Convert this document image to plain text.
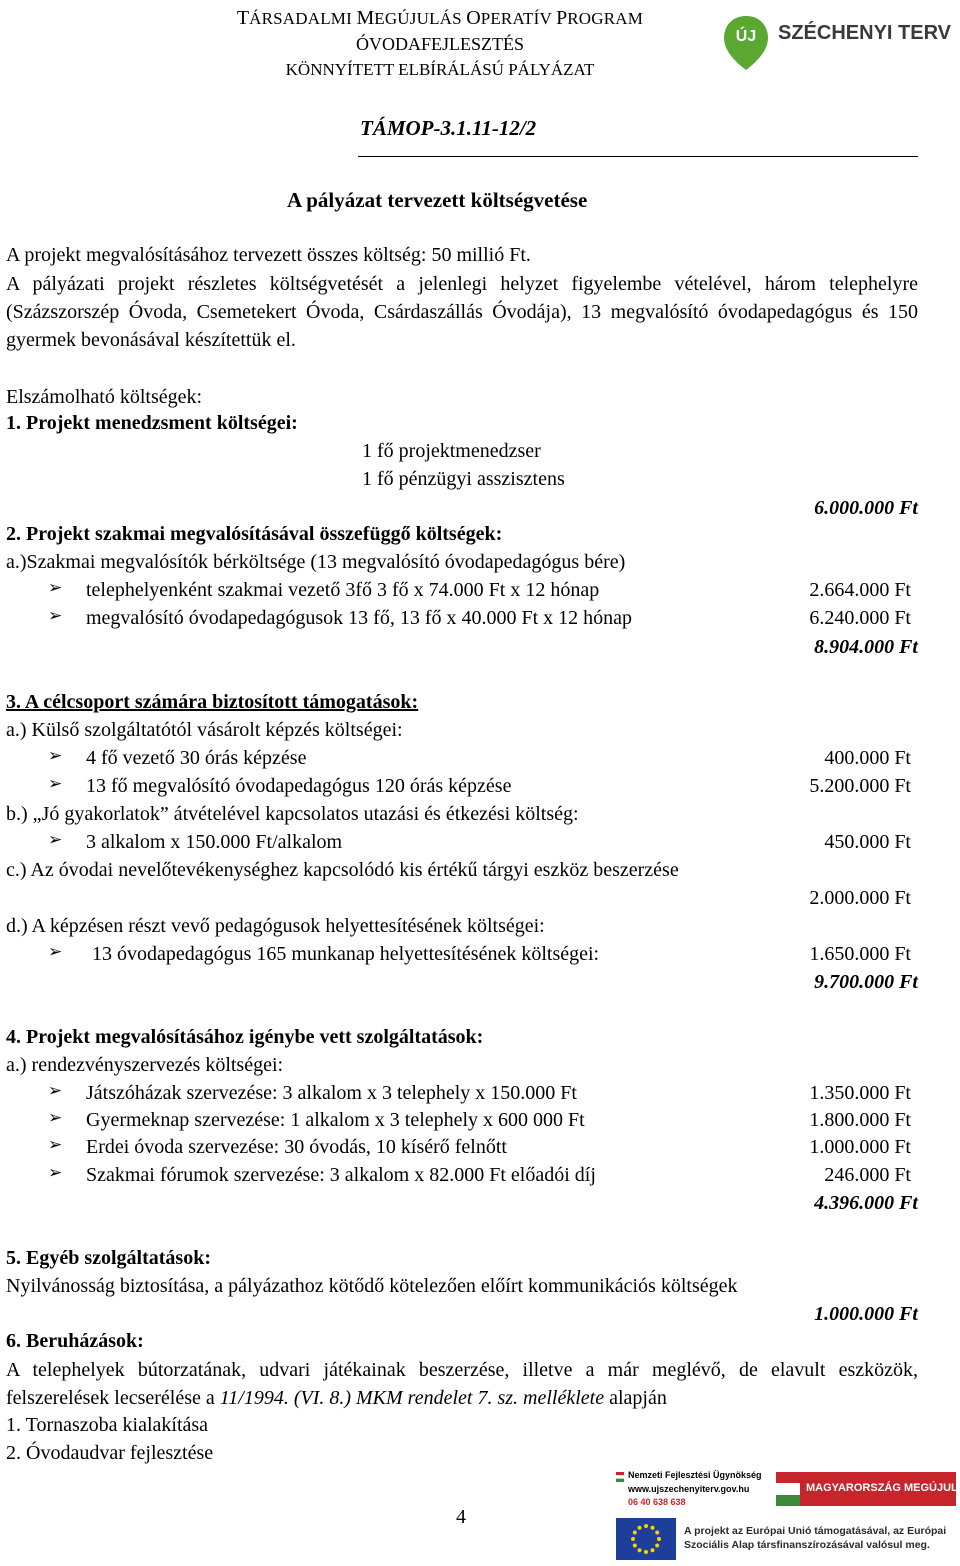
TÁRSADALMI MEGÚJULÁS OPERATÍV PROGRAM
ÓVODAFEJLESZTÉS
KÖNNYÍTETT ELBÍRÁLÁSÚ PÁLYÁZAT
TÁMOP-3.1.11-12/2
ÚJ SZÉCHENYI TERV
A pályázat tervezett költségvetése
A projekt megvalósításához tervezett összes költség: 50 millió Ft.
A pályázati projekt részletes költségvetését a jelenlegi helyzet figyelembe vételével, három telephelyre (Százszorszép Óvoda, Csemetekert Óvoda, Csárdaszállás Óvodája), 13 megvalósító óvodapedagógus és 150 gyermek bevonásával készítettük el.
Elszámolható költségek:
1. Projekt menedzsment költségei:
1 fő projektmenedzser
1 fő pénzügyi asszisztens
6.000.000 Ft
2. Projekt szakmai megvalósításával összefüggő költségek:
a.)Szakmai megvalósítók bérköltsége (13 megvalósító óvodapedagógus bére)
➢ telephelyenként szakmai vezető 3fő 3 fő x 74.000 Ft x 12 hónap	2.664.000 Ft
➢ megvalósító óvodapedagógusok 13 fő, 13 fő x 40.000 Ft x 12 hónap	6.240.000 Ft
8.904.000 Ft
3. A célcsoport számára biztosított támogatások:
a.) Külső szolgáltatótól vásárolt képzés költségei:
➢ 4 fő vezető 30 órás képzése	400.000 Ft
➢ 13 fő megvalósító óvodapedagógus 120 órás képzése	5.200.000 Ft
b.) „Jó gyakorlatok” átvételével kapcsolatos utazási és étkezési költség:
➢ 3 alkalom x 150.000 Ft/alkalom	450.000 Ft
c.) Az óvodai nevelőtevékenységhez kapcsolódó kis értékű tárgyi eszköz beszerzése
2.000.000 Ft
d.) A képzésen részt vevő pedagógusok helyettesítésének költségei:
➢ 13 óvodapedagógus 165 munkanap helyettesítésének költségei:	1.650.000 Ft
9.700.000 Ft
4. Projekt megvalósításához igénybe vett szolgáltatások:
a.) rendezvényszervezés költségei:
➢ Játszóházak szervezése: 3 alkalom x 3 telephely x 150.000 Ft	1.350.000 Ft
➢ Gyermeknap szervezése: 1 alkalom x 3 telephely x 600 000 Ft	1.800.000 Ft
➢ Erdei óvoda szervezése: 30 óvodás, 10 kísérő felnőtt	1.000.000 Ft
➢ Szakmai fórumok szervezése: 3 alkalom x 82.000 Ft előadói díj	246.000 Ft
4.396.000 Ft
5. Egyéb szolgáltatások:
Nyilvánosság biztosítása, a pályázathoz kötődő kötelezően előírt kommunikációs költségek
1.000.000 Ft
6. Beruházások:
A telephelyek bútorzatának, udvari játékainak beszerzése, illetve a már meglévő, de elavult eszközök, felszerelések lecserélése a 11/1994. (VI. 8.) MKM rendelet 7. sz. melléklete alapján
1. Tornaszoba kialakítása
2. Óvodaudvar fejlesztése
4
Nemzeti Fejlesztési Ügynökség
www.ujszechenyiterv.gov.hu
06 40 638 638
MAGYARORSZÁG MEGÚJUL
A projekt az Európai Unió támogatásával, az Európai
Szociális Alap társfinanszírozásával valósul meg.
